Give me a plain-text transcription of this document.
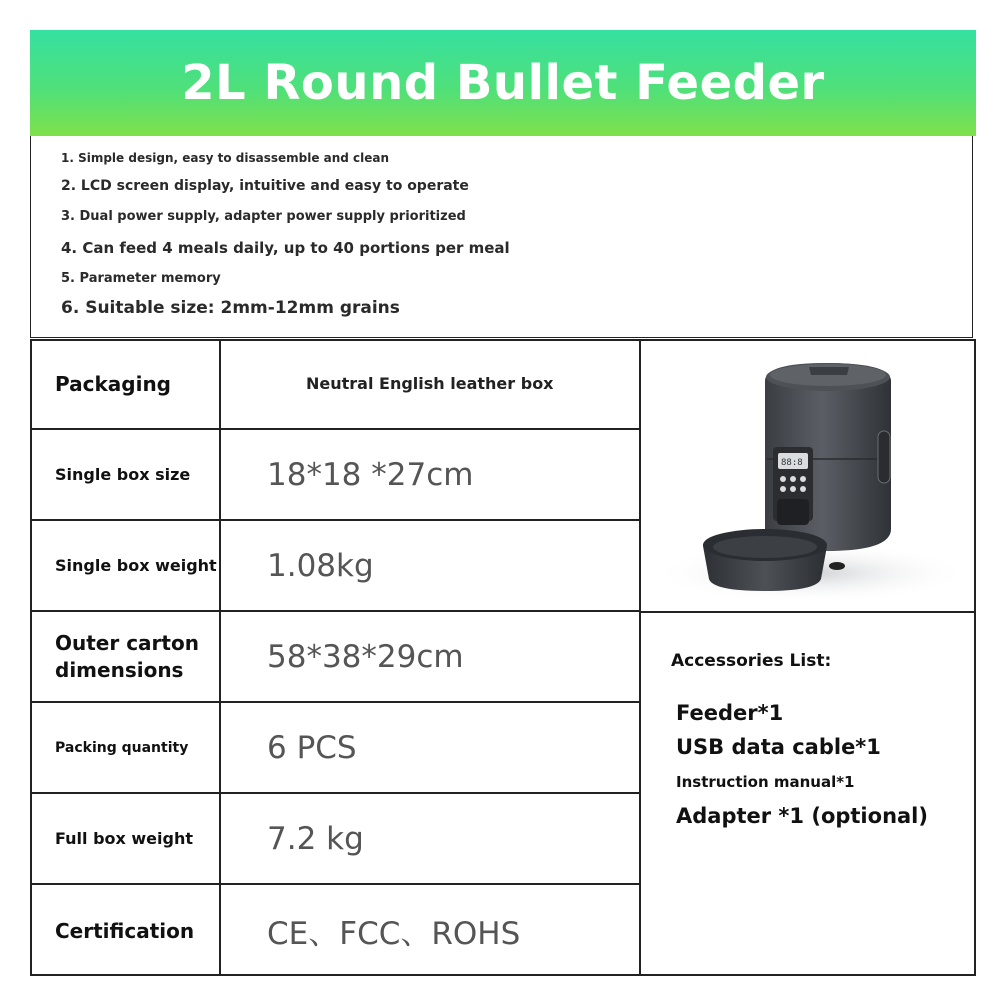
2L Round Bullet Feeder
1. Simple design, easy to disassemble and clean
2. LCD screen display, intuitive and easy to operate
3. Dual power supply, adapter power supply prioritized
4. Can feed 4 meals daily, up to 40 portions per meal
5. Parameter memory
6. Suitable size: 2mm-12mm grains
Packaging	Neutral English leather box
Single box size	18*18 *27cm
Single box weight	1.08kg
Outer carton dimensions	58*38*29cm
Packing quantity	6 PCS
Full box weight	7.2 kg
Certification	CE、FCC、ROHS
88:8
Accessories List:
Feeder*1
USB data cable*1
Instruction manual*1
Adapter *1 (optional)
